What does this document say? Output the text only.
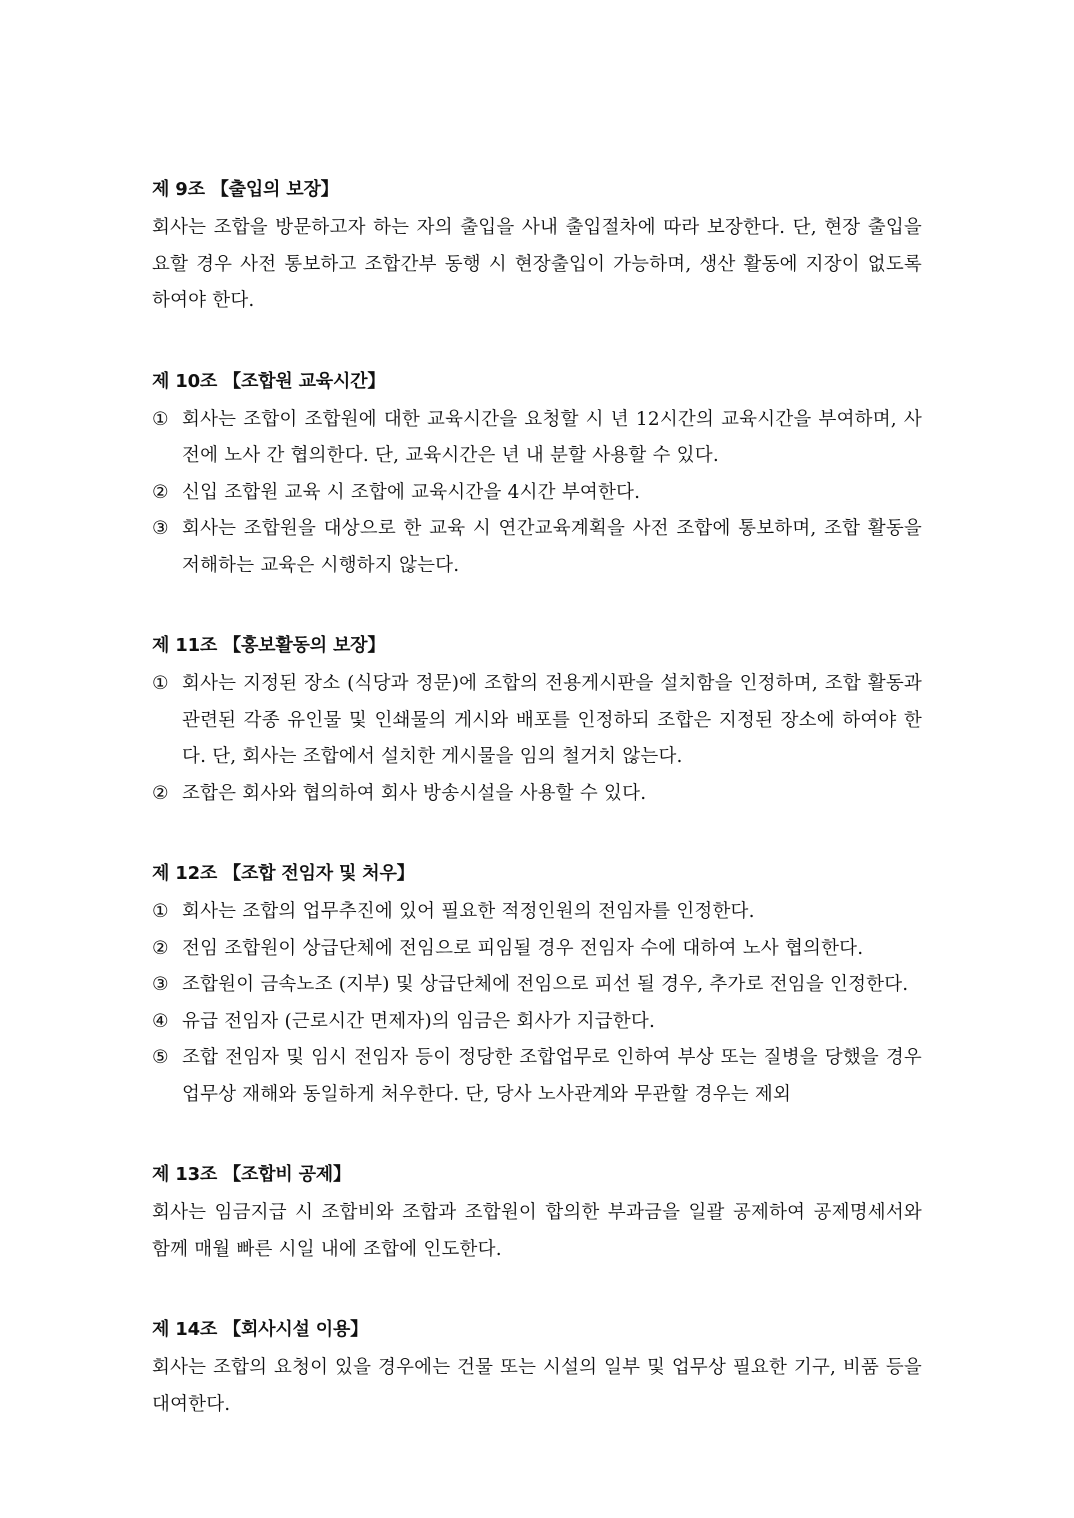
제 9조 【출입의 보장】

회사는 조합을 방문하고자 하는 자의 출입을 사내 출입절차에 따라 보장한다. 단, 현장 출입을 요할 경우 사전 통보하고 조합간부 동행 시 현장출입이 가능하며, 생산 활동에 지장이 없도록 하여야 한다.

제 10조 【조합원 교육시간】
① 회사는 조합이 조합원에 대한 교육시간을 요청할 시 년 12시간의 교육시간을 부여하며, 사전에 노사 간 협의한다. 단, 교육시간은 년 내 분할 사용할 수 있다.
② 신입 조합원 교육 시 조합에 교육시간을 4시간 부여한다.
③ 회사는 조합원을 대상으로 한 교육 시 연간교육계획을 사전 조합에 통보하며, 조합 활동을 저해하는 교육은 시행하지 않는다.
제 11조 【홍보활동의 보장】
① 회사는 지정된 장소 (식당과 정문)에 조합의 전용게시판을 설치함을 인정하며, 조합 활동과 관련된 각종 유인물 및 인쇄물의 게시와 배포를 인정하되 조합은 지정된 장소에 하여야 한다. 단, 회사는 조합에서 설치한 게시물을 임의 철거치 않는다.
② 조합은 회사와 협의하여 회사 방송시설을 사용할 수 있다.
제 12조 【조합 전임자 및 처우】
① 회사는 조합의 업무추진에 있어 필요한 적정인원의 전임자를 인정한다.
② 전임 조합원이 상급단체에 전임으로 피임될 경우 전임자 수에 대하여 노사 협의한다.
③ 조합원이 금속노조 (지부) 및 상급단체에 전임으로 피선 될 경우, 추가로 전임을 인정한다.
④ 유급 전임자 (근로시간 면제자)의 임금은 회사가 지급한다.
⑤ 조합 전임자 및 임시 전임자 등이 정당한 조합업무로 인하여 부상 또는 질병을 당했을 경우 업무상 재해와 동일하게 처우한다. 단, 당사 노사관계와 무관할 경우는 제외
제 13조 【조합비 공제】

회사는 임금지급 시 조합비와 조합과 조합원이 합의한 부과금을 일괄 공제하여 공제명세서와 함께 매월 빠른 시일 내에 조합에 인도한다.

제 14조 【회사시설 이용】

회사는 조합의 요청이 있을 경우에는 건물 또는 시설의 일부 및 업무상 필요한 기구, 비품 등을 대여한다.
